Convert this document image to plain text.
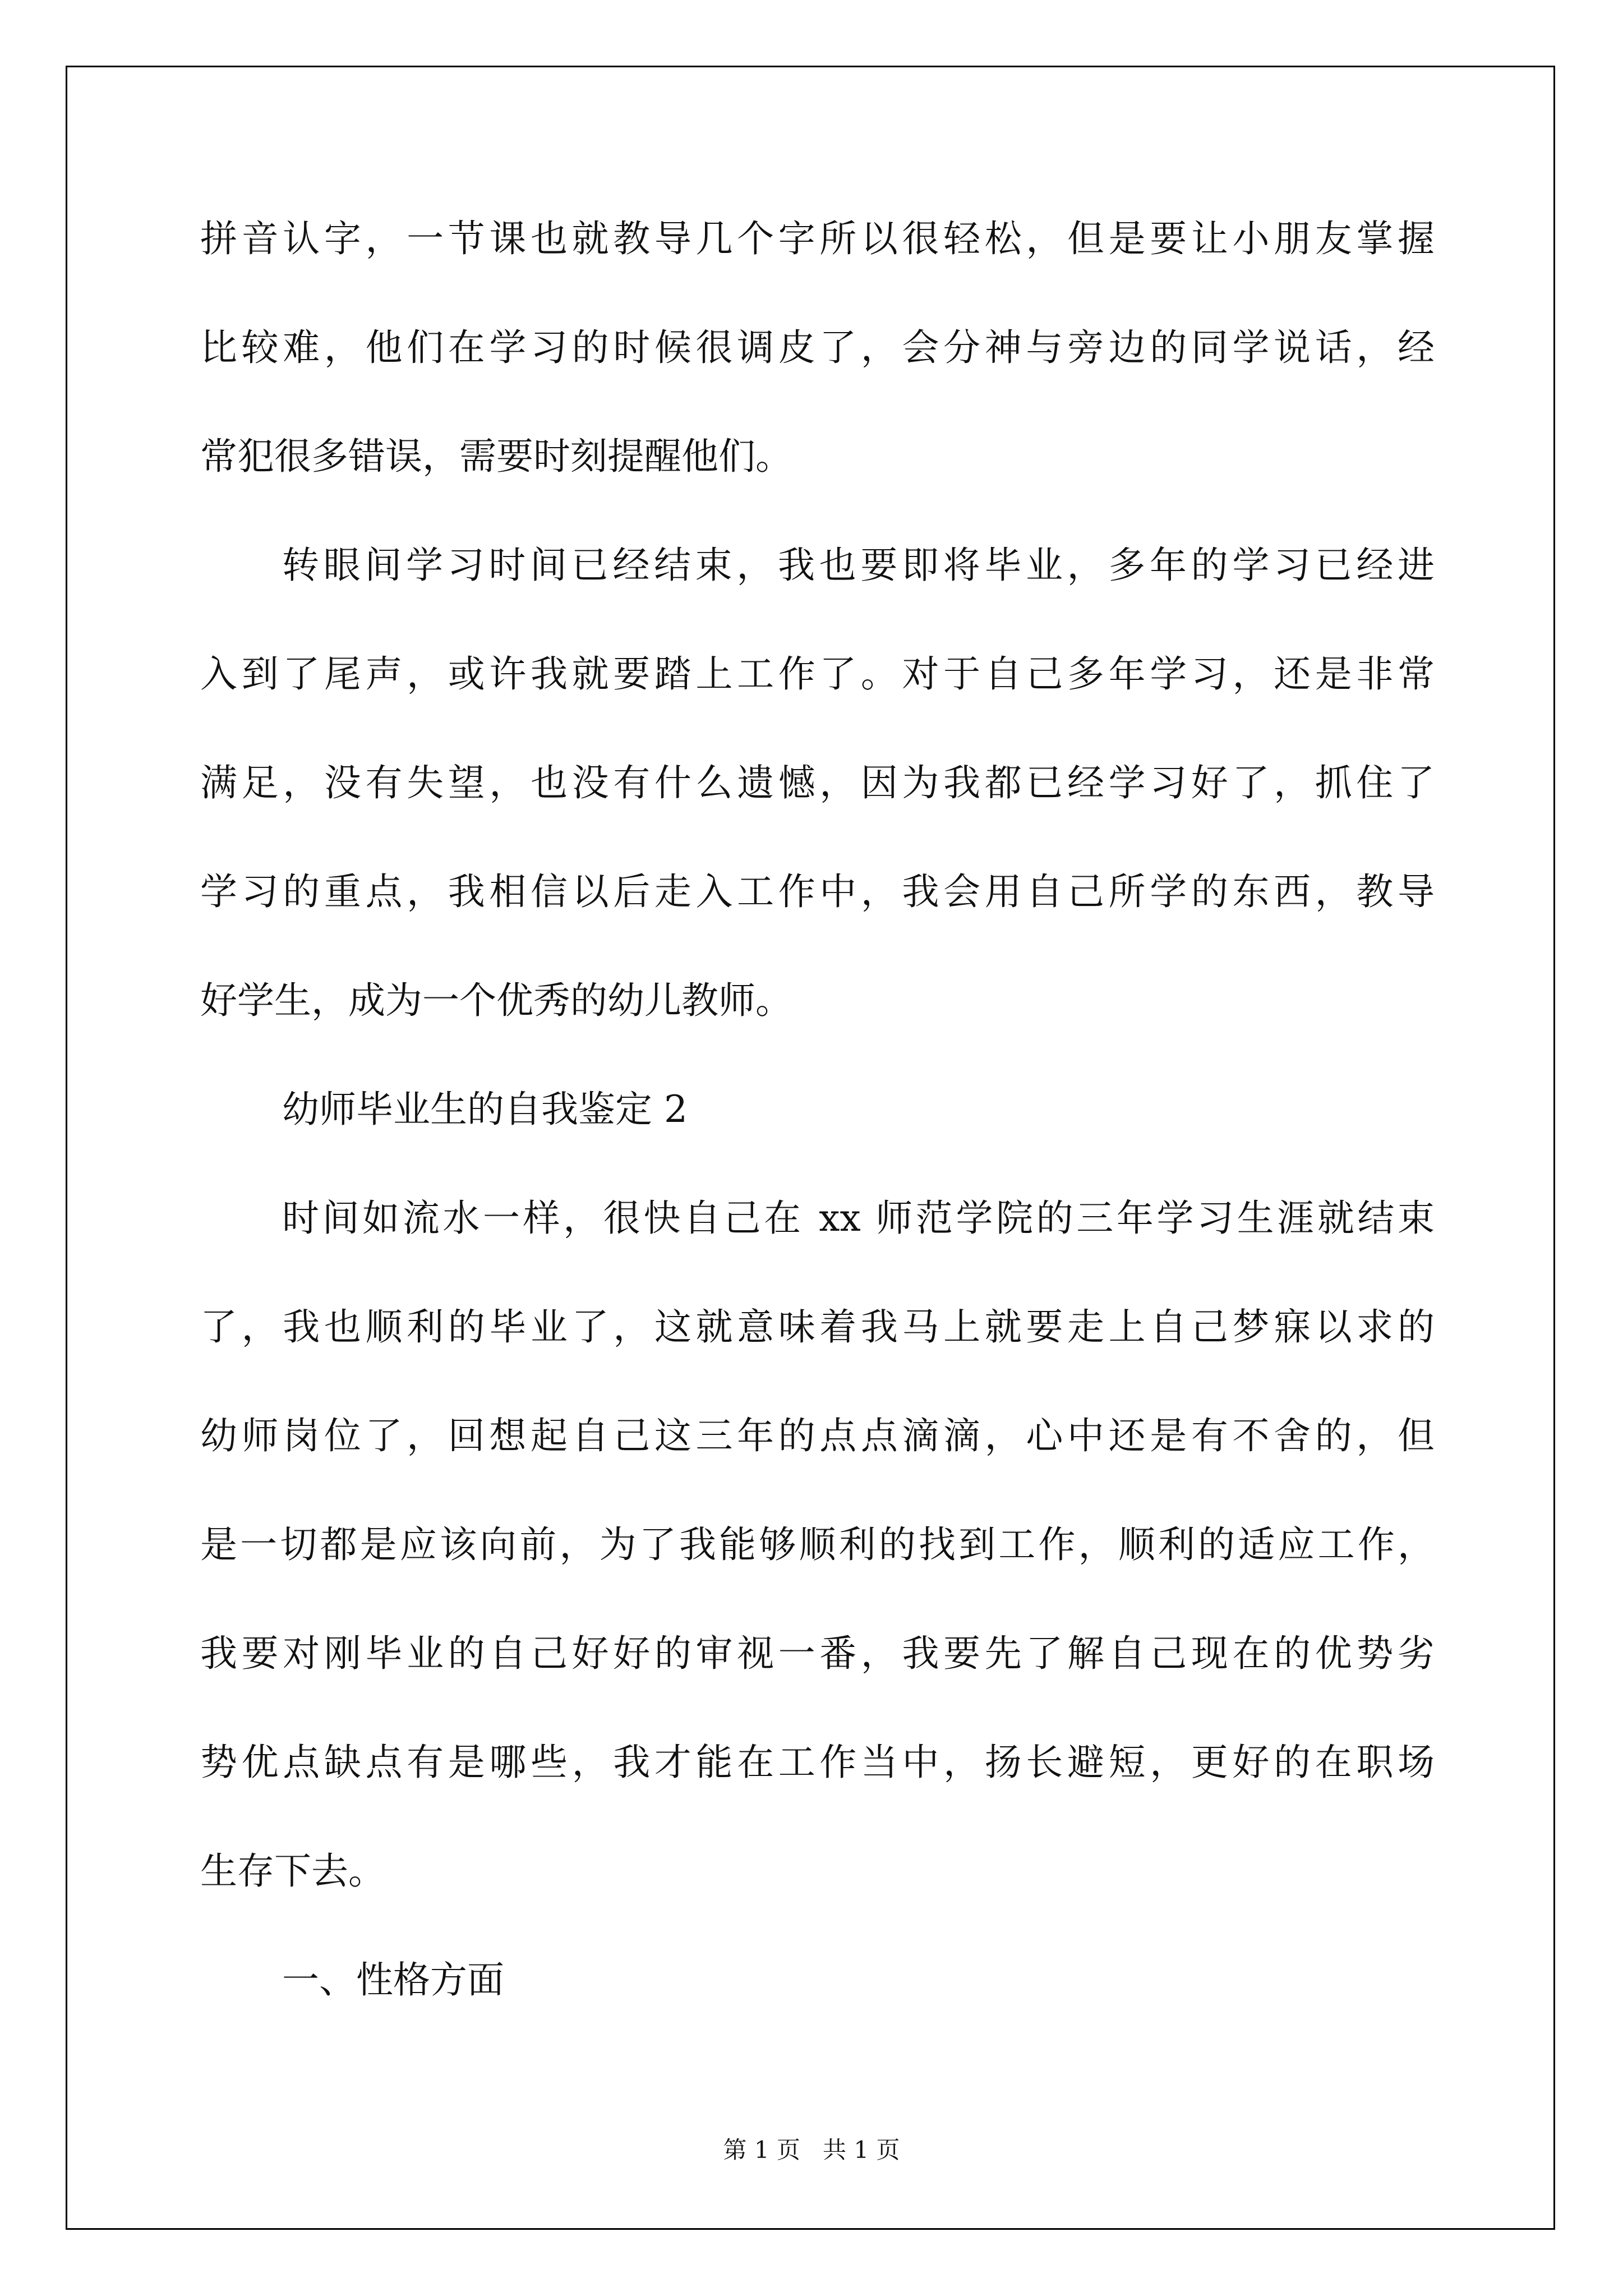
拼音认字，一节课也就教导几个字所以很轻松，但是要让小朋友掌握
比较难，他们在学习的时候很调皮了，会分神与旁边的同学说话，经
常犯很多错误，需要时刻提醒他们。
转眼间学习时间已经结束，我也要即将毕业，多年的学习已经进
入到了尾声，或许我就要踏上工作了。对于自己多年学习，还是非常
满足，没有失望，也没有什么遗憾，因为我都已经学习好了，抓住了
学习的重点，我相信以后走入工作中，我会用自己所学的东西，教导
好学生，成为一个优秀的幼儿教师。
幼师毕业生的自我鉴定 2
时间如流水一样，很快自己在 xx 师范学院的三年学习生涯就结束
了，我也顺利的毕业了，这就意味着我马上就要走上自己梦寐以求的
幼师岗位了，回想起自己这三年的点点滴滴，心中还是有不舍的，但
是一切都是应该向前，为了我能够顺利的找到工作，顺利的适应工作，
我要对刚毕业的自己好好的审视一番，我要先了解自己现在的优势劣
势优点缺点有是哪些，我才能在工作当中，扬长避短，更好的在职场
生存下去。
一、性格方面
第 1 页   共 1 页
